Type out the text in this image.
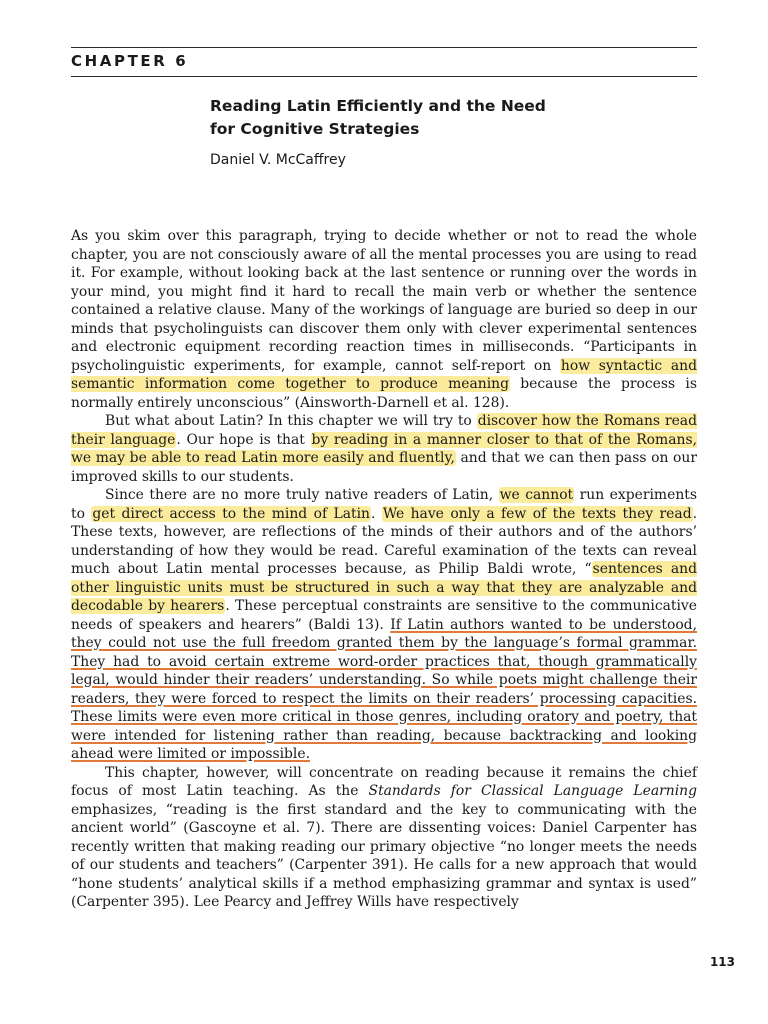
CHAPTER 6
Reading Latin Efficiently and the Need
for Cognitive Strategies
Daniel V. McCaffrey

As you skim over this paragraph, trying to decide whether or not to read the whole chapter, you are not consciously aware of all the mental processes you are using to read it. For example, without looking back at the last sentence or running over the words in your mind, you might find it hard to recall the main verb or whether the sentence contained a relative clause. Many of the workings of language are buried so deep in our minds that psycholinguists can discover them only with clever experimental sentences and electronic equipment recording reaction times in milliseconds. “Participants in psycholinguistic experiments, for example, cannot self-report on how syntactic and semantic information come together to produce meaning because the process is normally entirely unconscious” (Ainsworth-Darnell et al. 128).

But what about Latin? In this chapter we will try to discover how the Romans read their language. Our hope is that by reading in a manner closer to that of the Romans, we may be able to read Latin more easily and fluently, and that we can then pass on our improved skills to our students.

Since there are no more truly native readers of Latin, we cannot run experiments to get direct access to the mind of Latin. We have only a few of the texts they read. These texts, however, are reflections of the minds of their authors and of the authors’ understanding of how they would be read. Careful examination of the texts can reveal much about Latin mental processes because, as Philip Baldi wrote, “sentences and other linguistic units must be structured in such a way that they are analyzable and decodable by hearers. These perceptual constraints are sensitive to the communicative needs of speakers and hearers” (Baldi 13). If Latin authors wanted to be understood, they could not use the full freedom granted them by the language’s formal grammar. They had to avoid certain extreme word-order practices that, though grammatically legal, would hinder their readers’ understanding. So while poets might challenge their readers, they were forced to respect the limits on their readers’ processing capacities. These limits were even more critical in those genres, including oratory and poetry, that were intended for listening rather than reading, because backtracking and looking ahead were limited or impossible.

This chapter, however, will concentrate on reading because it remains the chief focus of most Latin teaching. As the Standards for Classical Language Learning emphasizes, “reading is the first standard and the key to communicating with the ancient world” (Gascoyne et al. 7). There are dissenting voices: Daniel Carpenter has recently written that making reading our primary objective “no longer meets the needs of our students and teachers” (Carpenter 391). He calls for a new approach that would “hone students’ analytical skills if a method emphasizing grammar and syntax is used” (Carpenter 395). Lee Pearcy and Jeffrey Wills have respectively

113
